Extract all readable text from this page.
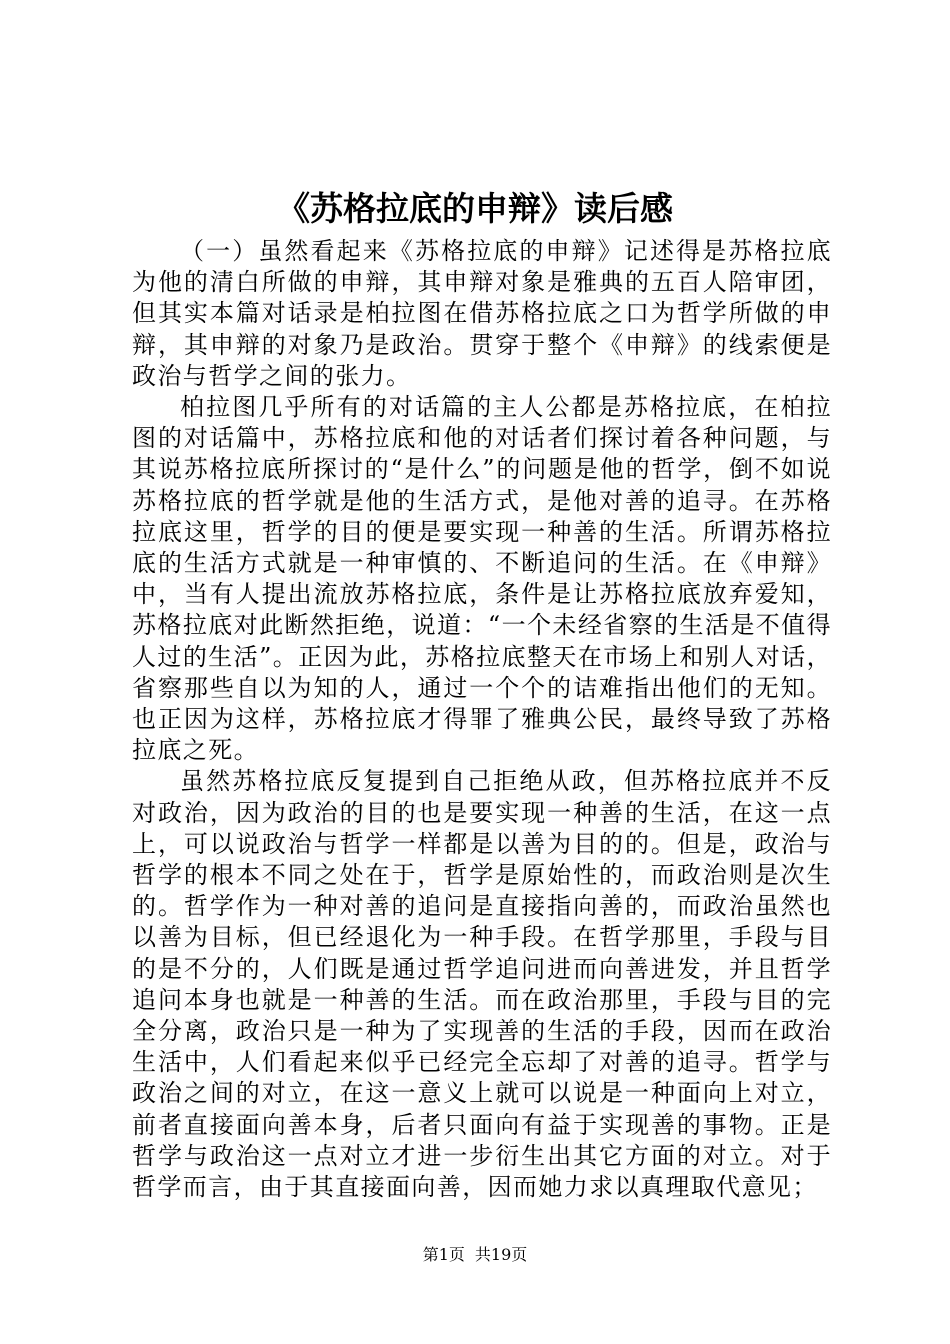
《苏格拉底的申辩》读后感

（一）虽然看起来《苏格拉底的申辩》记述得是苏格拉底为他的清白所做的申辩，其申辩对象是雅典的五百人陪审团，但其实本篇对话录是柏拉图在借苏格拉底之口为哲学所做的申辩，其申辩的对象乃是政治。贯穿于整个《申辩》的线索便是政治与哲学之间的张力。

柏拉图几乎所有的对话篇的主人公都是苏格拉底，在柏拉图的对话篇中，苏格拉底和他的对话者们探讨着各种问题，与其说苏格拉底所探讨的“是什么”的问题是他的哲学，倒不如说苏格拉底的哲学就是他的生活方式，是他对善的追寻。在苏格拉底这里，哲学的目的便是要实现一种善的生活。所谓苏格拉底的生活方式就是一种审慎的、不断追问的生活。在《申辩》中，当有人提出流放苏格拉底，条件是让苏格拉底放弃爱知，苏格拉底对此断然拒绝，说道：“一个未经省察的生活是不值得人过的生活”。正因为此，苏格拉底整天在市场上和别人对话，省察那些自以为知的人，通过一个个的诘难指出他们的无知。也正因为这样，苏格拉底才得罪了雅典公民，最终导致了苏格拉底之死。

虽然苏格拉底反复提到自己拒绝从政，但苏格拉底并不反对政治，因为政治的目的也是要实现一种善的生活，在这一点上，可以说政治与哲学一样都是以善为目的的。但是，政治与哲学的根本不同之处在于，哲学是原始性的，而政治则是次生的。哲学作为一种对善的追问是直接指向善的，而政治虽然也以善为目标，但已经退化为一种手段。在哲学那里，手段与目的是不分的，人们既是通过哲学追问进而向善进发，并且哲学追问本身也就是一种善的生活。而在政治那里，手段与目的完全分离，政治只是一种为了实现善的生活的手段，因而在政治生活中，人们看起来似乎已经完全忘却了对善的追寻。哲学与政治之间的对立，在这一意义上就可以说是一种面向上对立，前者直接面向善本身，后者只面向有益于实现善的事物。正是哲学与政治这一点对立才进一步衍生出其它方面的对立。对于哲学而言，由于其直接面向善，因而她力求以真理取代意见；

第1页 共19页
